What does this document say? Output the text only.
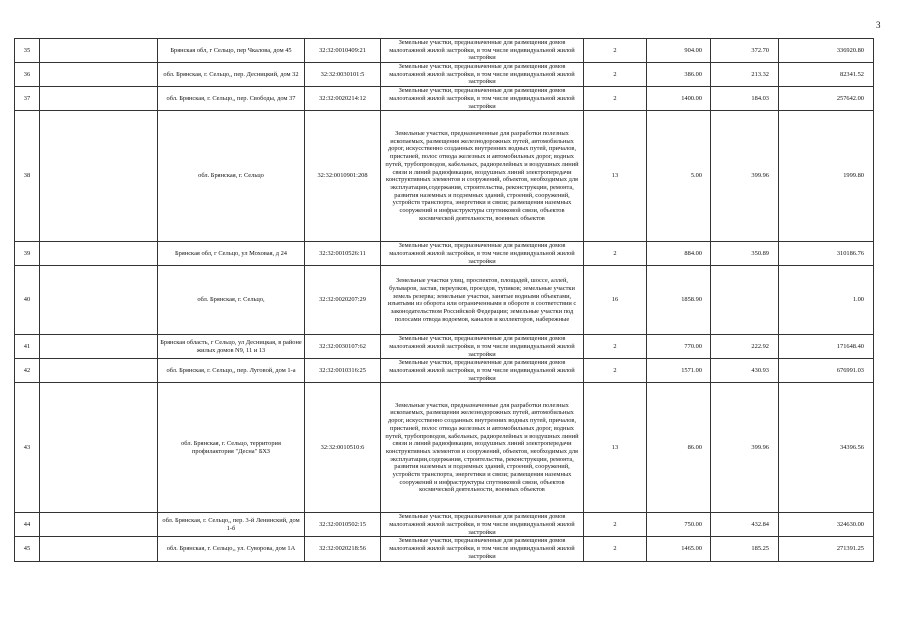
3
35		Брянская обл, г Сельцо, пер Чкалова, дом 45	32:32:0010409:21	Земельные участки, предназначенные для размещения домов малоэтажной жилой застройки, в том числе индивидуальной жилой застройки	2	904.00	372.70	336920.80
36		обл. Брянская, г. Сельцо,, пер. Десницкий, дом 32	32:32:0030101:5	Земельные участки, предназначенные для размещения домов малоэтажной жилой застройки, в том числе индивидуальной жилой застройки	2	386.00	213.32	82341.52
37		обл. Брянская, г. Сельцо,, пер. Свободы, дом 37	32:32:0020214:12	Земельные участки, предназначенные для размещения домов малоэтажной жилой застройки, в том числе индивидуальной жилой застройки	2	1400.00	184.03	257642.00
38		обл. Брянская, г. Сельцо	32:32:0010901:208	Земельные участки, предназначенные для разработки полезных ископаемых, размещения железнодорожных путей, автомобильных дорог, искусственно созданных внутренних водных путей, причалов, пристаней, полос отвода железных и автомобильных дорог, водных путей, трубопроводов, кабельных, радиорелейных и воздушных линий связи и линий радиофикации, воздушных линий электропередачи конструктивных элементов и сооружений, объектов, необходимых для эксплуатации,содержания, строительства, реконструкции, ремонта, развития наземных и подземных зданий, строений, сооружений, устройств транспорта, энергетики и связи; размещения наземных сооружений и инфраструктуры спутниковой связи, объектов космической деятельности, военных объектов	13	5.00	399.96	1999.80
39		Брянская обл, г Сельцо, ул Моховая, д 24	32:32:0010526:11	Земельные участки, предназначенные для размещения домов малоэтажной жилой застройки, в том числе индивидуальной жилой застройки	2	884.00	350.89	310186.76
40		обл. Брянская, г. Сельцо,	32:32:0020207:29	Земельные участки улиц, проспектов, площадей, шоссе, аллей, бульваров, застав, переулков, проездов, тупиков; земельные участки земель резерва; земельные участки, занятые водными объектами, изъятыми из оборота или ограниченными в обороте в соответствии с законодательством Российской Федерации; земельные участки под полосами отвода водоемов, каналов и коллекторов, набережные	16	1858.90		1.00
41		Брянская область, г Сельцо, ул Десницкая, в районе жилых домов N9, 11 и 13	32:32:0030107:62	Земельные участки, предназначенные для размещения домов малоэтажной жилой застройки, в том числе индивидуальной жилой застройки	2	770.00	222.92	171648.40
42		обл. Брянская, г. Сельцо,, пер. Луговой, дом 1-а	32:32:0010316:25	Земельные участки, предназначенные для размещения домов малоэтажной жилой застройки, в том числе индивидуальной жилой застройки	2	1571.00	430.93	676991.03
43		обл. Брянская, г. Сельцо, территория профилактория "Десна" БХЗ	32:32:0010510:6	Земельные участки, предназначенные для разработки полезных ископаемых, размещения железнодорожных путей, автомобильных дорог, искусственно созданных внутренних водных путей, причалов, пристаней, полос отвода железных и автомобильных дорог, водных путей, трубопроводов, кабельных, радиорелейных и воздушных линий связи и линий радиофикации, воздушных линий электропередачи конструктивных элементов и сооружений, объектов, необходимых для эксплуатации,содержания, строительства, реконструкции, ремонта, развития наземных и подземных зданий, строений, сооружений, устройств транспорта, энергетики и связи; размещения наземных сооружений и инфраструктуры спутниковой связи, объектов космической деятельности, военных объектов	13	86.00	399.96	34396.56
44		обл. Брянская, г. Сельцо,, пер. 3-й Ленинский, дом 1-б	32:32:0010502:15	Земельные участки, предназначенные для размещения домов малоэтажной жилой застройки, в том числе индивидуальной жилой застройки	2	750.00	432.84	324630.00
45		обл. Брянская, г. Сельцо,, ул. Суворова, дом 1А	32:32:0020218:56	Земельные участки, предназначенные для размещения домов малоэтажной жилой застройки, в том числе индивидуальной жилой застройки	2	1465.00	185.25	271391.25
